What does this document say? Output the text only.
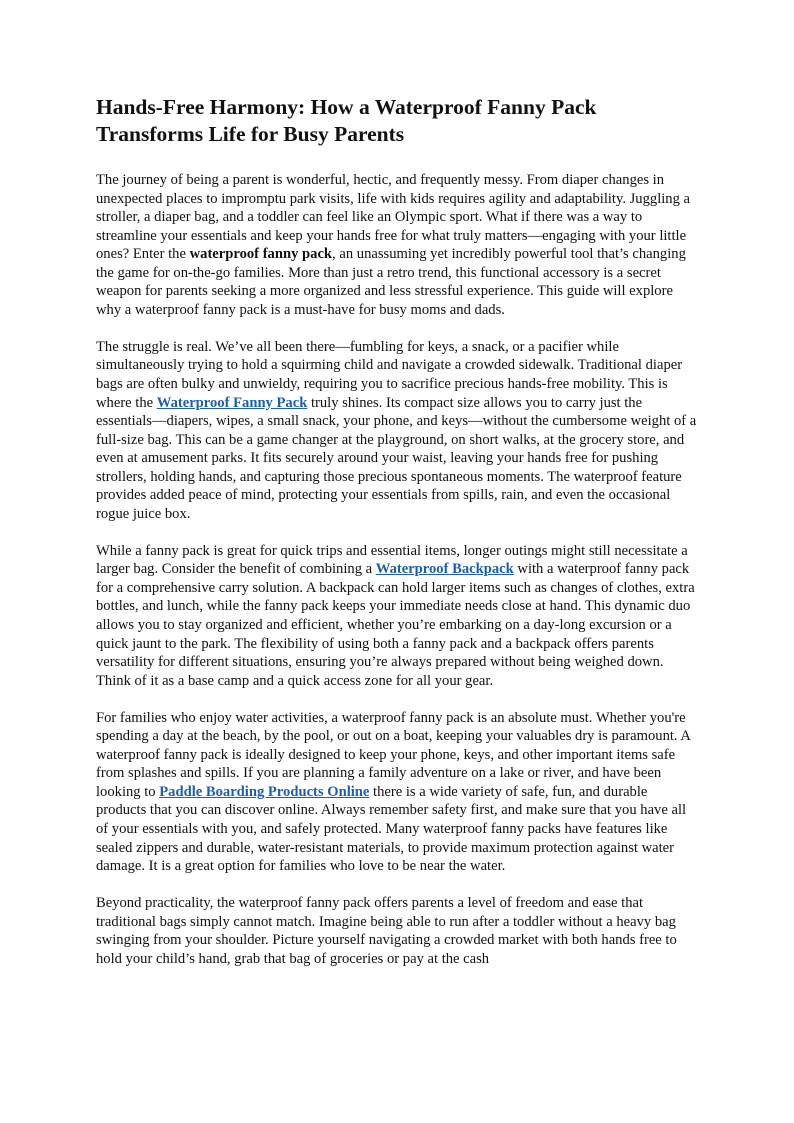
Hands-Free Harmony: How a Waterproof Fanny Pack Transforms Life for Busy Parents

The journey of being a parent is wonderful, hectic, and frequently messy. From diaper changes in unexpected places to impromptu park visits, life with kids requires agility and adaptability. Juggling a stroller, a diaper bag, and a toddler can feel like an Olympic sport. What if there was a way to streamline your essentials and keep your hands free for what truly matters—engaging with your little ones? Enter the waterproof fanny pack, an unassuming yet incredibly powerful tool that’s changing the game for on-the-go families. More than just a retro trend, this functional accessory is a secret weapon for parents seeking a more organized and less stressful experience. This guide will explore why a waterproof fanny pack is a must-have for busy moms and dads.

The struggle is real. We’ve all been there—fumbling for keys, a snack, or a pacifier while simultaneously trying to hold a squirming child and navigate a crowded sidewalk. Traditional diaper bags are often bulky and unwieldy, requiring you to sacrifice precious hands-free mobility. This is where the Waterproof Fanny Pack truly shines. Its compact size allows you to carry just the essentials—diapers, wipes, a small snack, your phone, and keys—without the cumbersome weight of a full-size bag. This can be a game changer at the playground, on short walks, at the grocery store, and even at amusement parks. It fits securely around your waist, leaving your hands free for pushing strollers, holding hands, and capturing those precious spontaneous moments. The waterproof feature provides added peace of mind, protecting your essentials from spills, rain, and even the occasional rogue juice box.

While a fanny pack is great for quick trips and essential items, longer outings might still necessitate a larger bag. Consider the benefit of combining a Waterproof Backpack with a waterproof fanny pack for a comprehensive carry solution. A backpack can hold larger items such as changes of clothes, extra bottles, and lunch, while the fanny pack keeps your immediate needs close at hand. This dynamic duo allows you to stay organized and efficient, whether you’re embarking on a day-long excursion or a quick jaunt to the park. The flexibility of using both a fanny pack and a backpack offers parents versatility for different situations, ensuring you’re always prepared without being weighed down. Think of it as a base camp and a quick access zone for all your gear.

For families who enjoy water activities, a waterproof fanny pack is an absolute must. Whether you're spending a day at the beach, by the pool, or out on a boat, keeping your valuables dry is paramount. A waterproof fanny pack is ideally designed to keep your phone, keys, and other important items safe from splashes and spills. If you are planning a family adventure on a lake or river, and have been looking to Paddle Boarding Products Online there is a wide variety of safe, fun, and durable products that you can discover online. Always remember safety first, and make sure that you have all of your essentials with you, and safely protected. Many waterproof fanny packs have features like sealed zippers and durable, water-resistant materials, to provide maximum protection against water damage. It is a great option for families who love to be near the water.

Beyond practicality, the waterproof fanny pack offers parents a level of freedom and ease that traditional bags simply cannot match. Imagine being able to run after a toddler without a heavy bag swinging from your shoulder. Picture yourself navigating a crowded market with both hands free to hold your child’s hand, grab that bag of groceries or pay at the cash
